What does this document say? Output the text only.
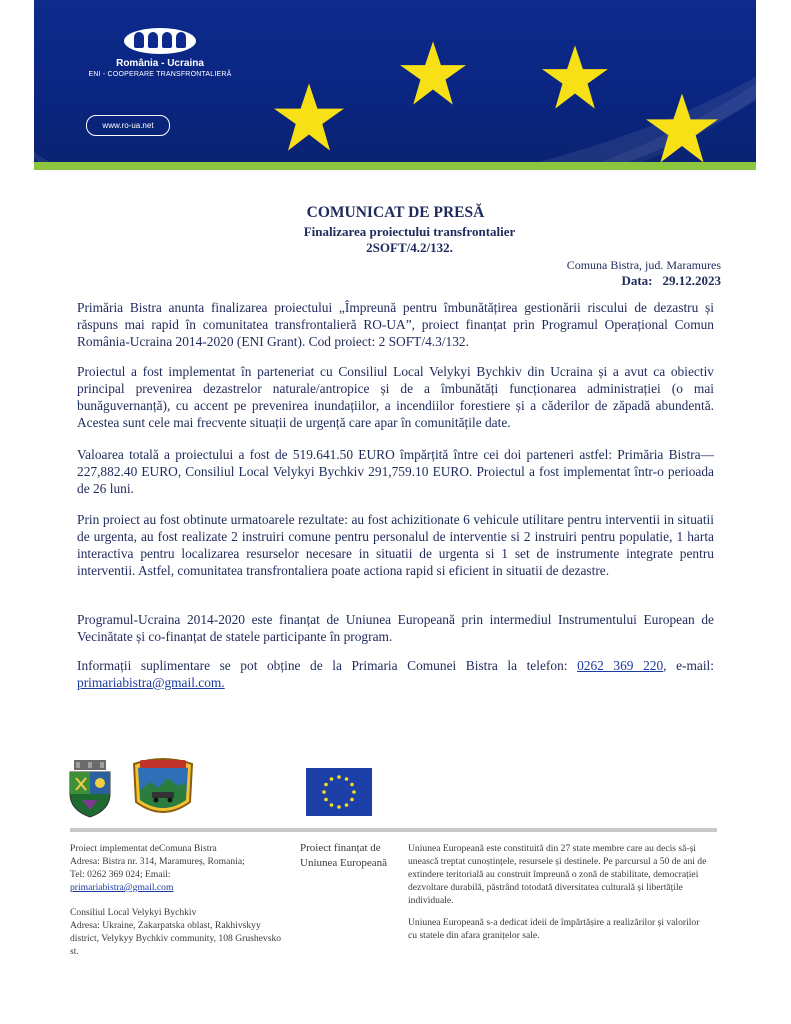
România - Ucraina
ENI - COOPERARE TRANSFRONTALIERĂ
www.ro-ua.net
COMUNICAT DE PRESĂ
Finalizarea proiectului transfrontalier
2SOFT/4.2/132.
Comuna Bistra, jud. Maramures
Data: 29.12.2023

Primăria Bistra anunta finalizarea proiectului „Împreună pentru îmbunătățirea gestionării riscului de dezastru și răspuns mai rapid în comunitatea transfrontalieră RO-UA”, proiect finanțat prin Programul Operațional Comun România-Ucraina 2014-2020 (ENI Grant). Cod proiect: 2 SOFT/4.3/132.

Proiectul a fost implementat în parteneriat cu Consiliul Local Velykyi Bychkiv din Ucraina și a avut ca obiectiv principal prevenirea dezastrelor naturale/antropice și de a îmbunătăți funcționarea administrației (o mai bunăguvernanță), cu accent pe prevenirea inundațiilor, a incendiilor forestiere și a căderilor de zăpadă abundentă. Acestea sunt cele mai frecvente situații de urgență care apar în comunitățile date.

Valoarea totală a proiectului a fost de 519.641.50 EURO împărțită între cei doi parteneri astfel: Primăria Bistra— 227,882.40 EURO, Consiliul Local Velykyi Bychkiv 291,759.10 EURO. Proiectul a fost implementat într-o perioada de 26 luni.

Prin proiect au fost obtinute urmatoarele rezultate: au fost achizitionate 6 vehicule utilitare pentru interventii in situatii de urgenta, au fost realizate 2 instruiri comune pentru personalul de interventie si 2 instruiri pentru populatie, 1 harta interactiva pentru localizarea resurselor necesare in situatii de urgenta si 1 set de instrumente integrate pentru interventii. Astfel, comunitatea transfrontaliera poate actiona rapid si eficient in situatii de dezastre.

Programul-Ucraina 2014-2020 este finanțat de Uniunea Europeană prin intermediul Instrumentului European de Vecinătate și co-finanțat de statele participante în program.

Informații suplimentare se pot obține de la Primaria Comunei Bistra la telefon: 0262 369 220, e-mail: primariabistra@gmail.com.

Proiect implementat deComuna Bistra
Adresa: Bistra nr. 314, Maramureș, Romania;
Tel: 0262 369 024; Email:
primariabistra@gmail.com
Consiliul Local Velykyi Bychkiv
Adresa: Ukraine, Zakarpatska oblast, Rakhivskyy district, Velykyy Bychkiv community, 108 Grushevsko st.
Proiect finanțat de Uniunea Europeană
Uniunea Europeană este constituită din 27 state membre care au decis să-și unească treptat cunoștințele, resursele și destinele. Pe parcursul a 50 de ani de extindere teritorială au construit împreună o zonă de stabilitate, democrației dezvoltare durabilă, păstrând totodată diversitatea culturală și libertățile individuale.
Uniunea Europeană s-a dedicat ideii de împărtășire a realizărilor și valorilor cu statele din afara granițelor sale.
